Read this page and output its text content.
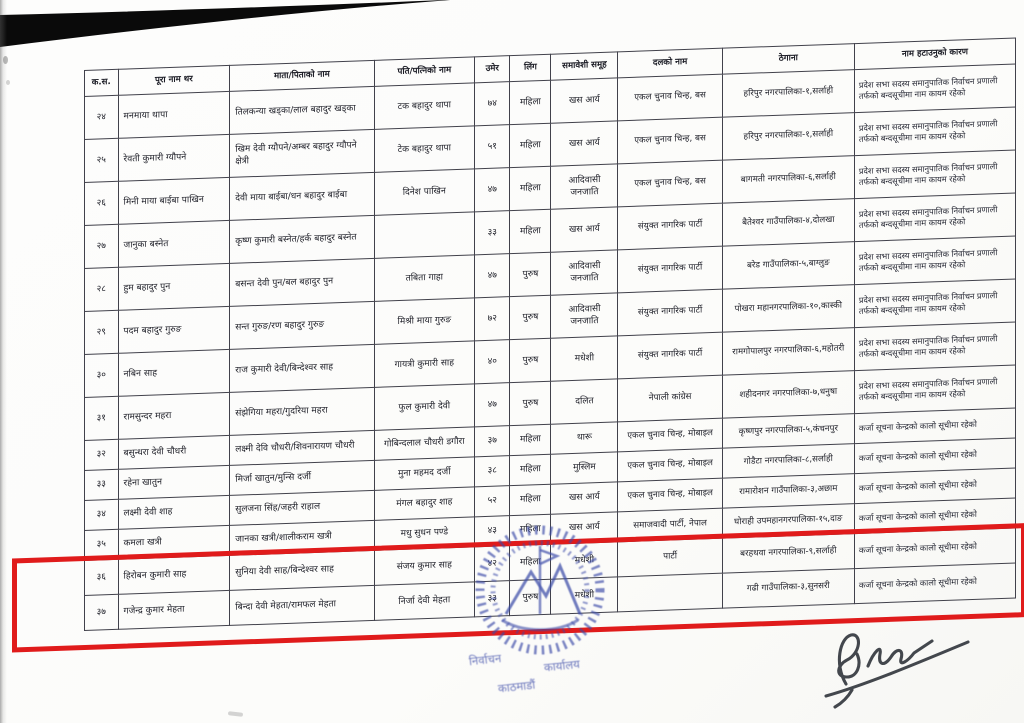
क.स.	पूरा नाम थर	माता/पिताको नाम	पति/पत्निको नाम	उमेर	लिंग	समावेशी समूह	दलको नाम	ठेगाना	नाम हटाउनुको कारण
२४	मनमाया थापा	तिलकन्या खड्का/लाल बहादुर खड्का	टक बहादुर थापा	७४	महिला	खस आर्य	एकल चुनाव चिन्ह, बस	हरिपुर नगरपालिका-१,सर्लाही	प्रदेश सभा सदस्य समानुपातिक निर्वाचन प्रणाली तर्फको बन्दसूचीमा नाम कायम रहेको
२५	रेवती कुमारी ग्यौपने	खिम देवी ग्यौपने/अम्बर बहादुर ग्यौपने क्षेत्री	टेक बहादुर थापा	५१	महिला	खस आर्य	एकल चुनाव चिन्ह, बस	हरिपुर नगरपालिका-१,सर्लाही	प्रदेश सभा सदस्य समानुपातिक निर्वाचन प्रणाली तर्फको बन्दसूचीमा नाम कायम रहेको
२६	मिनी माया बाईबा पाखिन	देवी माया बाईबा/धन बहादुर बाईबा	दिनेश पाखिन	४७	महिला	आदिवासी जनजाति	एकल चुनाव चिन्ह, बस	बागमती नगरपालिका-६,सर्लाही	प्रदेश सभा सदस्य समानुपातिक निर्वाचन प्रणाली तर्फको बन्दसूचीमा नाम कायम रहेको
२७	जानुका बस्नेत	कृष्ण कुमारी बस्नेत/हर्क बहादुर बस्नेत		३३	महिला	खस आर्य	संयुक्त नागरिक पार्टी	बैतेश्वर गाउँपालिका-४,दोलखा	प्रदेश सभा सदस्य समानुपातिक निर्वाचन प्रणाली तर्फको बन्दसूचीमा नाम कायम रहेको
२८	हुम बहादुर पुन	बसन्त देवी पुन/बल बहादुर पुन	तबिता गाहा	४७	पुरुष	आदिवासी जनजाति	संयुक्त नागरिक पार्टी	बरेड गाउँपालिका-५,बाग्लुङ	प्रदेश सभा सदस्य समानुपातिक निर्वाचन प्रणाली तर्फको बन्दसूचीमा नाम कायम रहेको
२९	पदम बहादुर गुरुङ	सन्त गुरुङ/रण बहादुर गुरुङ	मिश्री माया गुरुङ	७२	पुरुष	आदिवासी जनजाति	संयुक्त नागरिक पार्टी	पोखरा महानगरपालिका-१०,कास्की	प्रदेश सभा सदस्य समानुपातिक निर्वाचन प्रणाली तर्फको बन्दसूचीमा नाम कायम रहेको
३०	नबिन साह	राज कुमारी देवी/बिन्देश्वर साह	गायत्री कुमारी साह	४०	पुरुष	मधेशी	संयुक्त नागरिक पार्टी	रामगोपालपुर नगरपालिका-६,महोतरी	प्रदेश सभा सदस्य समानुपातिक निर्वाचन प्रणाली तर्फको बन्दसूचीमा नाम कायम रहेको
३१	रामसुन्दर महरा	संझेगिया महरा/गुदरिया महरा	फुल कुमारी देवी	४७	पुरुष	दलित	नेपाली कांग्रेस	शहीदनगर नगरपालिका-७,धनुषा	प्रदेश सभा सदस्य समानुपातिक निर्वाचन प्रणाली तर्फको बन्दसूचीमा नाम कायम रहेको
३२	बसुन्धरा देवी चौधरी	लक्ष्मी देवि चौधरी/शिवनारायण चौधरी	गोबिन्दलाल चौधरी डगौरा	३७	महिला	थारू	एकल चुनाव चिन्ह, मोबाइल	कृष्णपुर नगरपालिका-५,कंचनपुर	कर्जा सूचना केन्द्रको कालो सूचीमा रहेको
३३	रहेना खातुन	मिर्जा खातुन/मुन्सि दर्जी	मुना महमद दर्जी	३८	महिला	मुस्लिम	एकल चुनाव चिन्ह, मोबाइल	गोडैटा नगरपालिका-८,सर्लाही	कर्जा सूचना केन्द्रको कालो सूचीमा रहेको
३४	लक्ष्मी देवी शाह	सुलजना सिंह/जहरी राहाल	मंगल बहादुर शाह	५२	महिला	खस आर्य	एकल चुनाव चिन्ह, मोबाइल	रामारोशन गाउँपालिका-३,अछाम	कर्जा सूचना केन्द्रको कालो सूचीमा रहेको
३५	कमला खत्री	जानका खत्री/शालीकराम खत्री	मधु सुधन पण्डे	४३	महिला	खस आर्य	समाजवादी पार्टी, नेपाल	घोराही उपमहानगरपालिका-१५,दाङ	कर्जा सूचना केन्द्रको कालो सूचीमा रहेको
३६	हिरोबन कुमारी साह	सुनिया देवी साह/बिन्देश्वर साह	संजय कुमार साह	४२	महिला	मधेशी	पार्टी	बरहथवा नगरपालिका-९,सर्लाही	कर्जा सूचना केन्द्रको कालो सूचीमा रहेको
३७	गजेन्द्र कुमार मेहता	बिन्दा देवी मेहता/रामफल मेहता	निर्जा देवी मेहता	३३	पुरुष	मधेशी		गढी गाउँपालिका-३,सुनसरी	कर्जा सूचना केन्द्रको कालो सूचीमा रहेको
निर्वाचन	कार्यालय
काठमाडौं
